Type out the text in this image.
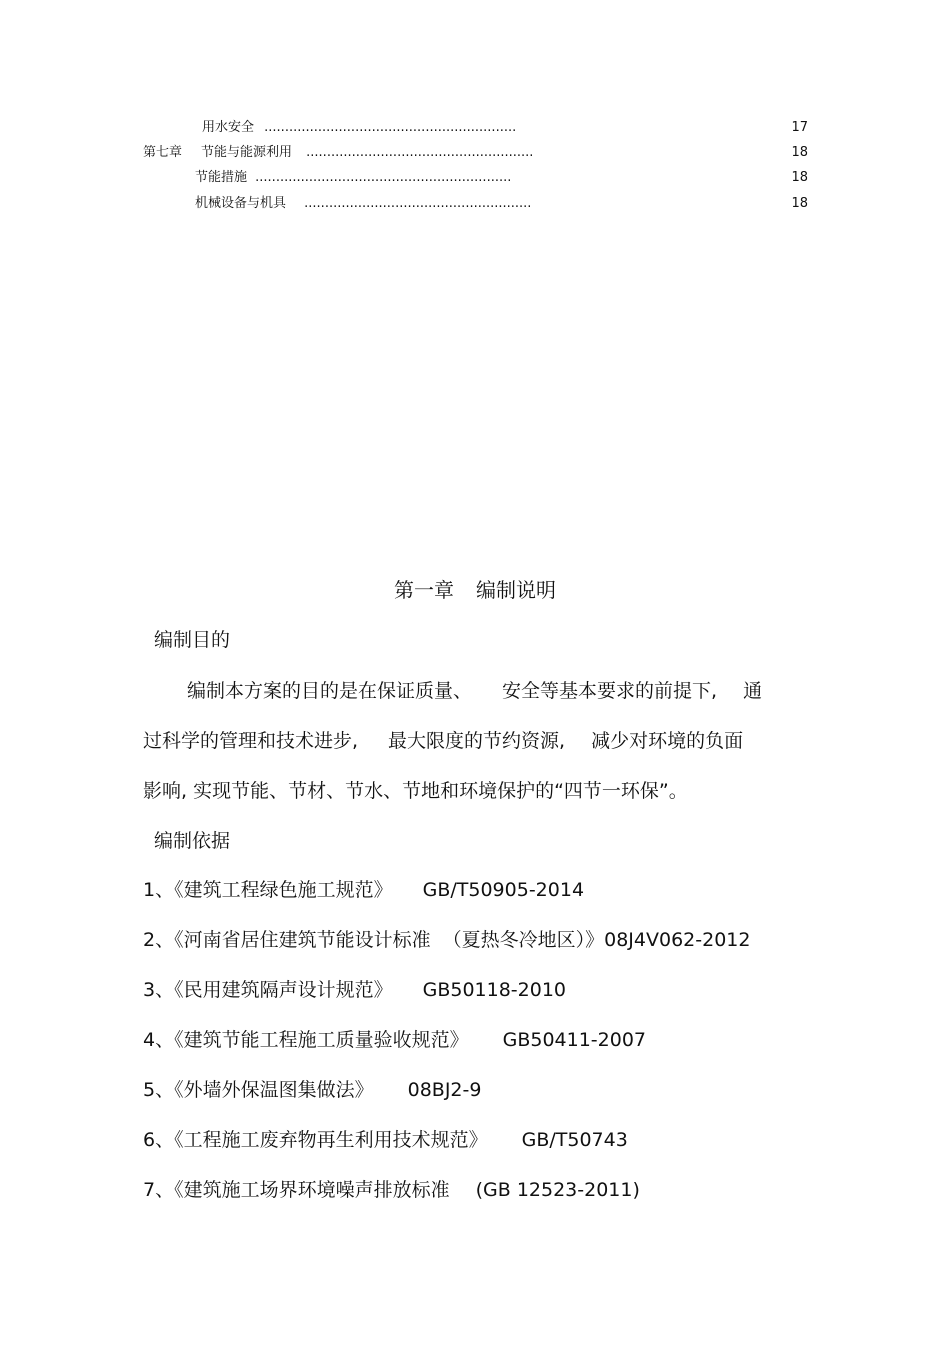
用水安全 .............................................................	17
第七章 节能与能源利用 .......................................................	18
节能措施 ..............................................................	18
机械设备与机具 .......................................................	18
第一章 编制说明
编制目的
编制本方案的目的是在保证质量、 安全等基本要求的前提下, 通
过科学的管理和技术进步, 最大限度的节约资源, 减少对环境的负面
影响, 实现节能、节材、节水、节地和环境保护的“四节一环保”。
编制依据
1、《建筑工程绿色施工规范》 GB/T50905-2014
2、《河南省居住建筑节能设计标准 （夏热冬冷地区）》08J4V062-2012
3、《民用建筑隔声设计规范》 GB50118-2010
4、《建筑节能工程施工质量验收规范》 GB50411-2007
5、《外墙外保温图集做法》 08BJ2-9
6、《工程施工废弃物再生利用技术规范》 GB/T50743
7、《建筑施工场界环境噪声排放标准 (GB 12523-2011)
